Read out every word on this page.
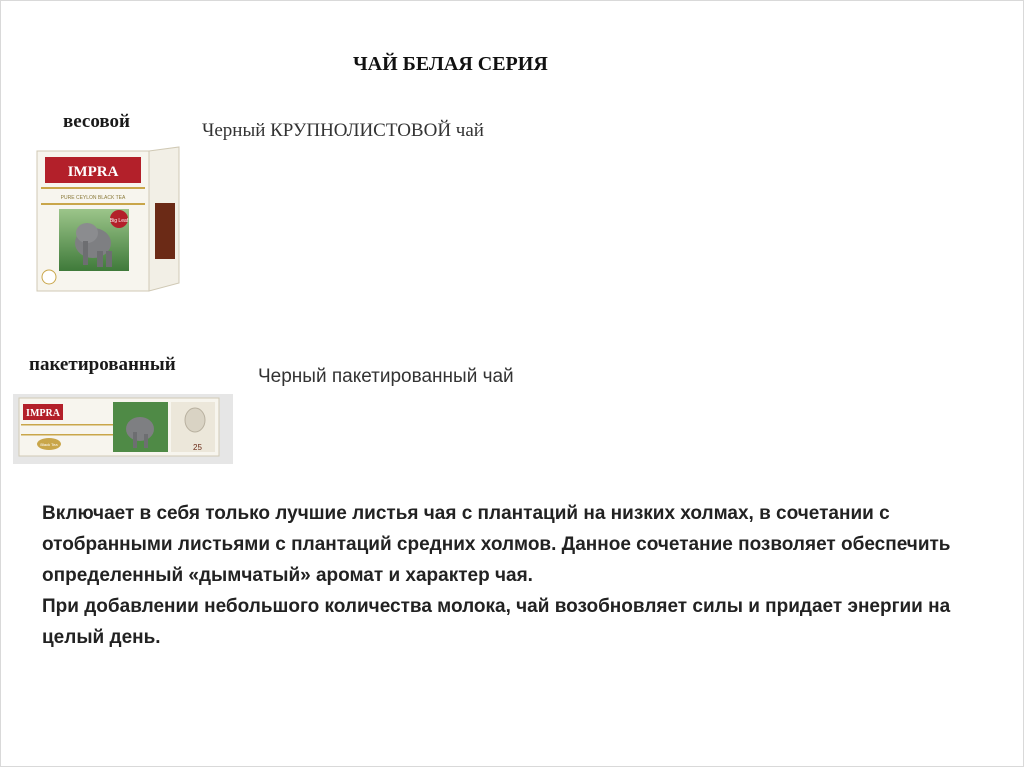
ЧАЙ БЕЛАЯ СЕРИЯ
весовой	Черный КРУПНОЛИСТОВОЙ чай
IMPRA
PURE CEYLON BLACK TEA
Big Leaf
пакетированный
Черный пакетированный чай
IMPRA
25
Black Tea

Включает в себя только лучшие листья чая с плантаций на низких холмах, в сочетании с отобранными листьями с плантаций средних холмов. Данное сочетание позволяет обеспечить определенный «дымчатый» аромат и характер чая.

При добавлении небольшого количества молока, чай возобновляет силы и придает энергии на целый день.
